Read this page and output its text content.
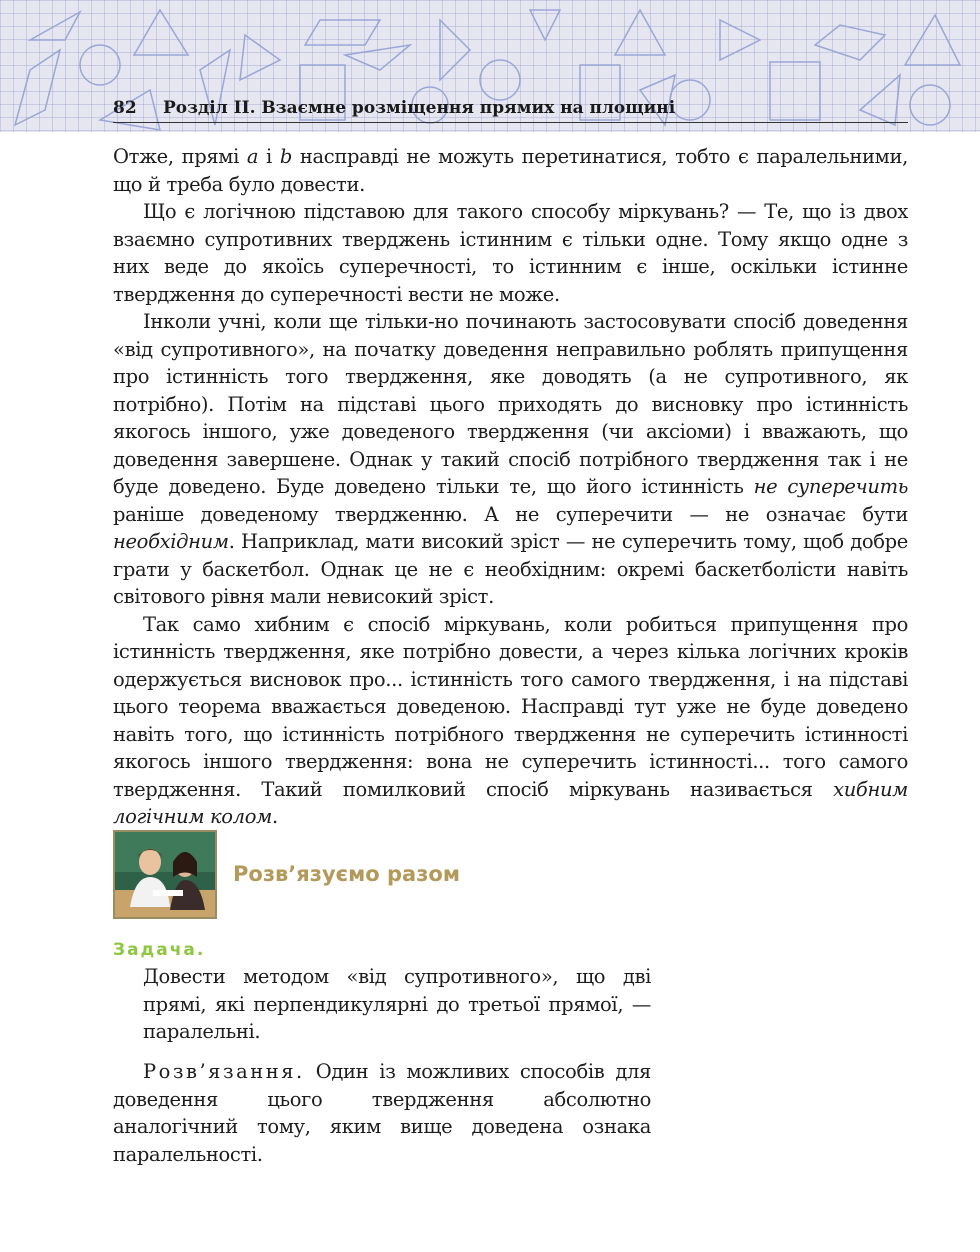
82 Розділ ІІ. Взаємне розміщення прямих на площині

Отже, прямі a і b насправді не можуть перетинатися, тобто є паралельними, що й треба було довести.

Що є логічною підставою для такого способу міркувань? — Те, що із двох взаємно супротивних тверджень істинним є тільки одне. Тому якщо одне з них веде до якоїсь суперечності, то істинним є інше, оскільки істинне твердження до суперечності вести не може.

Інколи учні, коли ще тільки-но починають застосовувати спосіб доведення «від супротивного», на початку доведення неправильно роблять припущення про істинність того твердження, яке доводять (а не супротивного, як потрібно). Потім на підставі цього приходять до висновку про істинність якогось іншого, уже доведеного твердження (чи аксіоми) і вважають, що доведення завершене. Однак у такий спосіб потрібного твердження так і не буде доведено. Буде доведено тільки те, що його істинність не суперечить раніше доведеному твердженню. А не суперечити — не означає бути необхідним. Наприклад, мати високий зріст — не суперечить тому, щоб добре грати у баскетбол. Однак це не є необхідним: окремі баскетболісти навіть світового рівня мали невисокий зріст.

Так само хибним є спосіб міркувань, коли робиться припущення про істинність твердження, яке потрібно довести, а через кілька логічних кроків одержується висновок про... істинність того самого твердження, і на підставі цього теорема вважається доведеною. Насправді тут уже не буде доведено навіть того, що істинність потрібного твердження не суперечить істинності якогось іншого твердження: вона не суперечить істинності... того самого твердження. Такий помилковий спосіб міркувань називається хибним логічним колом.

Розв’язуємо разом
Задача.
Довести методом «від супротивного», що дві прямі, які перпендикулярні до третьої прямої, — паралельні.
Розв’язання. Один із можливих способів для доведення цього твердження абсолютно аналогічний тому, яким вище доведена ознака паралельності.
